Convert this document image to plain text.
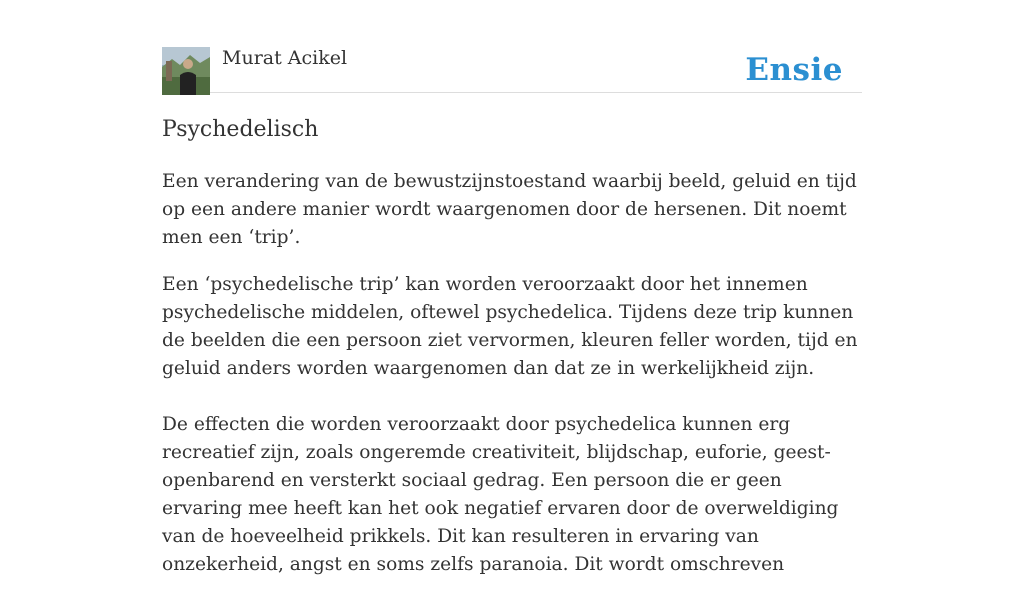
Murat Acikel	Ensie
Psychedelisch

Een verandering van de bewustzijnstoestand waarbij beeld, geluid en tijd op een andere manier wordt waargenomen door de hersenen. Dit noemt men een ‘trip’.

Een ‘psychedelische trip’ kan worden veroorzaakt door het innemen psychedelische middelen, oftewel psychedelica. Tijdens deze trip kunnen de beelden die een persoon ziet vervormen, kleuren feller worden, tijd en geluid anders worden waargenomen dan dat ze in werkelijkheid zijn.

De effecten die worden veroorzaakt door psychedelica kunnen erg recreatief zijn, zoals ongeremde creativiteit, blijdschap, euforie, geest-openbarend en versterkt sociaal gedrag. Een persoon die er geen ervaring mee heeft kan het ook negatief ervaren door de overweldiging van de hoeveelheid prikkels. Dit kan resulteren in ervaring van onzekerheid, angst en soms zelfs paranoia. Dit wordt omschreven
